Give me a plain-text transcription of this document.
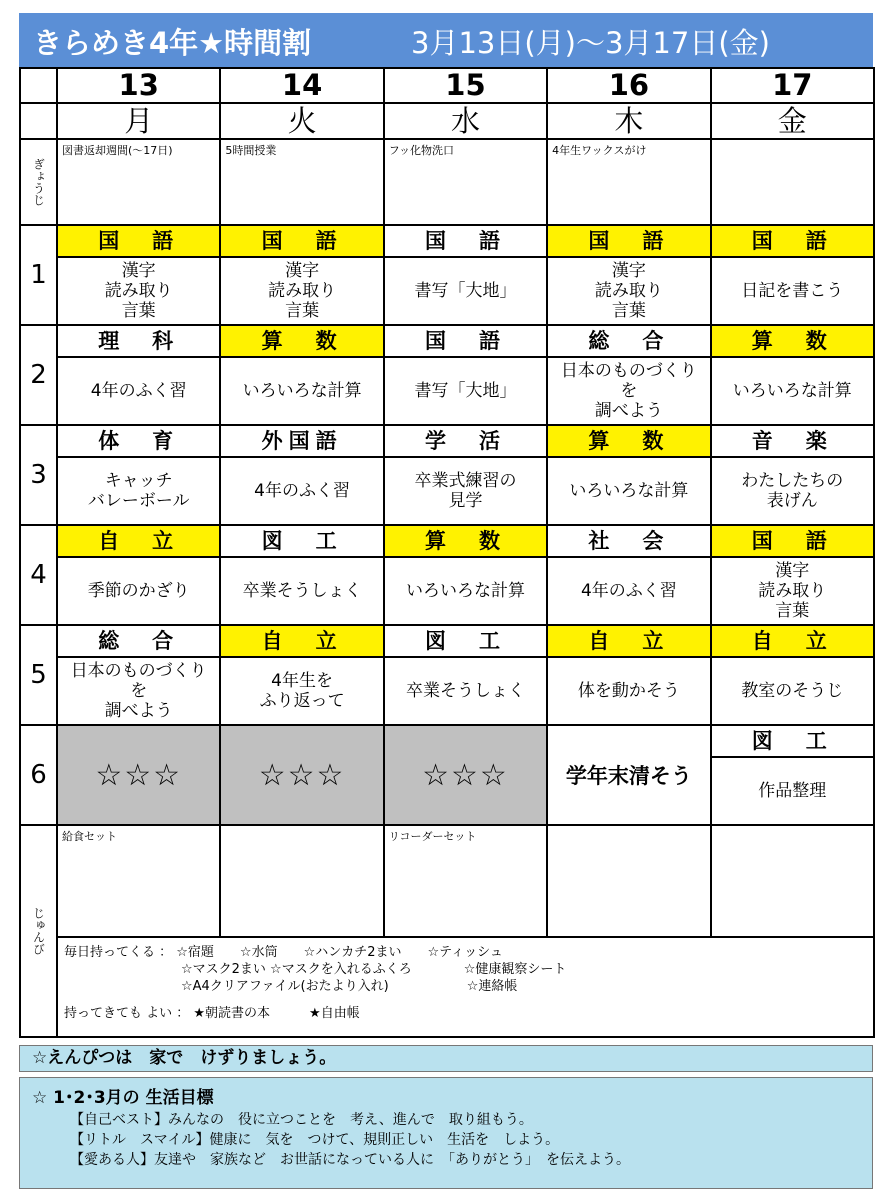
きらめき4年★時間割	3月13日(月)～3月17日(金)
	13	14	15	16	17
	月	火	水	木	金

ぎょうじ	図書返却週間(～17日)	5時間授業	フッ化物洗口	4年生ワックスがけ	
1	国　語	国　語	国　語	国　語	国　語
	漢字
読み取り
言葉	漢字
読み取り
言葉	書写「大地」	漢字
読み取り
言葉	日記を書こう
2	理　科	算　数	国　語	総　合	算　数
	4年のふく習	いろいろな計算	書写「大地」	日本のものづくり
を
調べよう	いろいろな計算
3	体　育	外国語	学　活	算　数	音　楽
	キャッチ
バレーボール	4年のふく習	卒業式練習の
見学	いろいろな計算	わたしたちの
表げん
4	自　立	図　工	算　数	社　会	国　語
	季節のかざり	卒業そうしょく	いろいろな計算	4年のふく習	漢字
読み取り
言葉
5	総　合	自　立	図　工	自　立	自　立
	日本のものづくり
を
調べよう	4年生を
ふり返って	卒業そうしょく	体を動かそう	教室のそうじ
6	☆☆☆	☆☆☆	☆☆☆	学年末清そう	図　工
					作品整理

じゅんび	給食セット		リコーダーセット		

	毎日持ってくる ： ☆宿題　　☆水筒　　☆ハンカチ2まい　　☆ティッシュ
　　　　　　　　　☆マスク2まい ☆マスクを入れるふくろ　　　　☆健康観察シート
　　　　　　　　　☆A4クリアファイル(おたより入れ)　　　　　　☆連絡帳
持ってきても よい ： ★朝読書の本　　　★自由帳				
☆えんぴつは　家で　けずりましょう。
☆ 1･2･3月の 生活目標
【自己ベスト】みんなの　役に立つことを　考え、進んで　取り組もう。
【リトル　スマイル】健康に　気を　つけて、規則正しい　生活を　しよう。
【愛ある人】友達や　家族など　お世話になっている人に　「ありがとう」　を伝えよう。
